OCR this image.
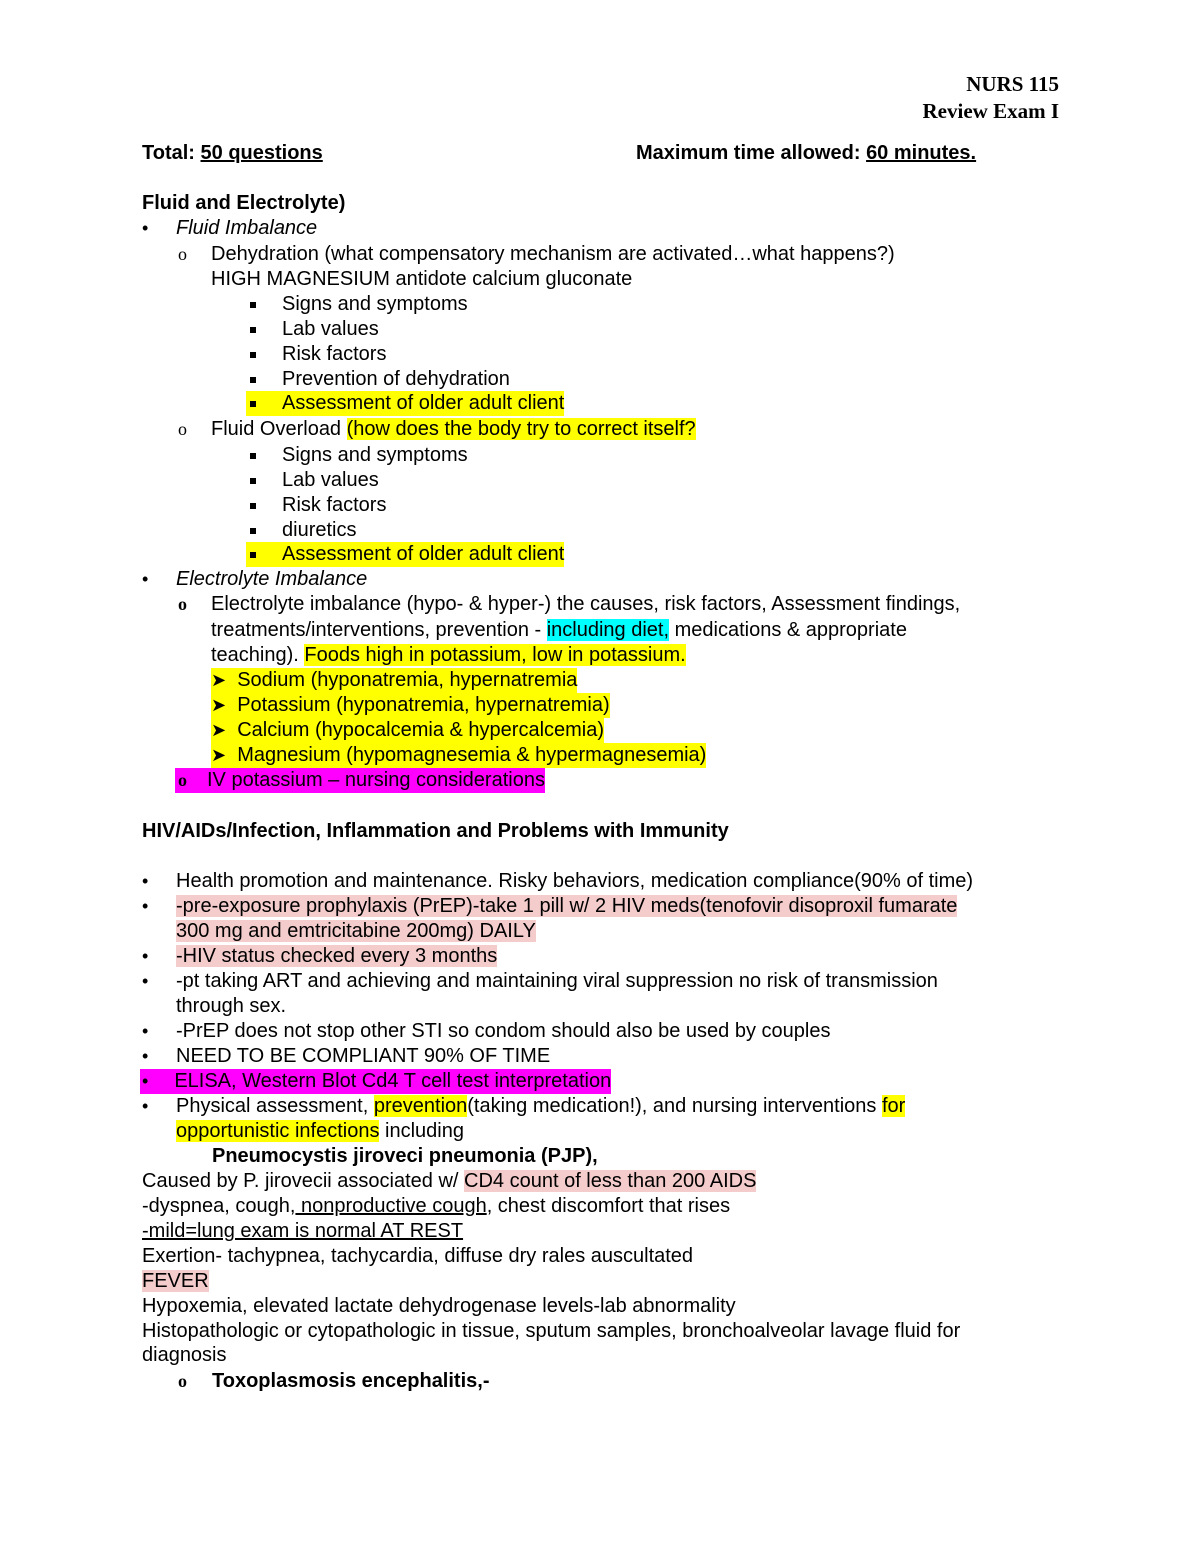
NURS 115
Review Exam I
Total: 50 questions	Maximum time allowed: 60 minutes.
Fluid and Electrolyte)
• Fluid Imbalance
o Dehydration (what compensatory mechanism are activated…what happens?)
HIGH MAGNESIUM antidote calcium gluconate
Signs and symptoms
Lab values
Risk factors
Prevention of dehydration
Assessment of older adult client
o Fluid Overload (how does the body try to correct itself?
Signs and symptoms
Lab values
Risk factors
diuretics
Assessment of older adult client
• Electrolyte Imbalance
o Electrolyte imbalance (hypo- & hyper-) the causes, risk factors, Assessment findings,
treatments/interventions, prevention - including diet, medications & appropriate
teaching). Foods high in potassium, low in potassium.
➤ Sodium (hyponatremia, hypernatremia
➤ Potassium (hyponatremia, hypernatremia)
➤ Calcium (hypocalcemia & hypercalcemia)
➤ Magnesium (hypomagnesemia & hypermagnesemia)
o IV potassium – nursing considerations
HIV/AIDs/Infection, Inflammation and Problems with Immunity
• Health promotion and maintenance. Risky behaviors, medication compliance(90% of time)
• -pre-exposure prophylaxis (PrEP)-take 1 pill w/ 2 HIV meds(tenofovir disoproxil fumarate
300 mg and emtricitabine 200mg) DAILY
• -HIV status checked every 3 months
• -pt taking ART and achieving and maintaining viral suppression no risk of transmission
through sex.
• -PrEP does not stop other STI so condom should also be used by couples
• NEED TO BE COMPLIANT 90% OF TIME
• ELISA, Western Blot Cd4 T cell test interpretation
• Physical assessment, prevention(taking medication!), and nursing interventions for
opportunistic infections including
Pneumocystis jiroveci pneumonia (PJP),
Caused by P. jirovecii associated w/ CD4 count of less than 200 AIDS
-dyspnea, cough, nonproductive cough, chest discomfort that rises
-mild=lung exam is normal AT REST
Exertion- tachypnea, tachycardia, diffuse dry rales auscultated
FEVER
Hypoxemia, elevated lactate dehydrogenase levels-lab abnormality
Histopathologic or cytopathologic in tissue, sputum samples, bronchoalveolar lavage fluid for
diagnosis
o Toxoplasmosis encephalitis,-
